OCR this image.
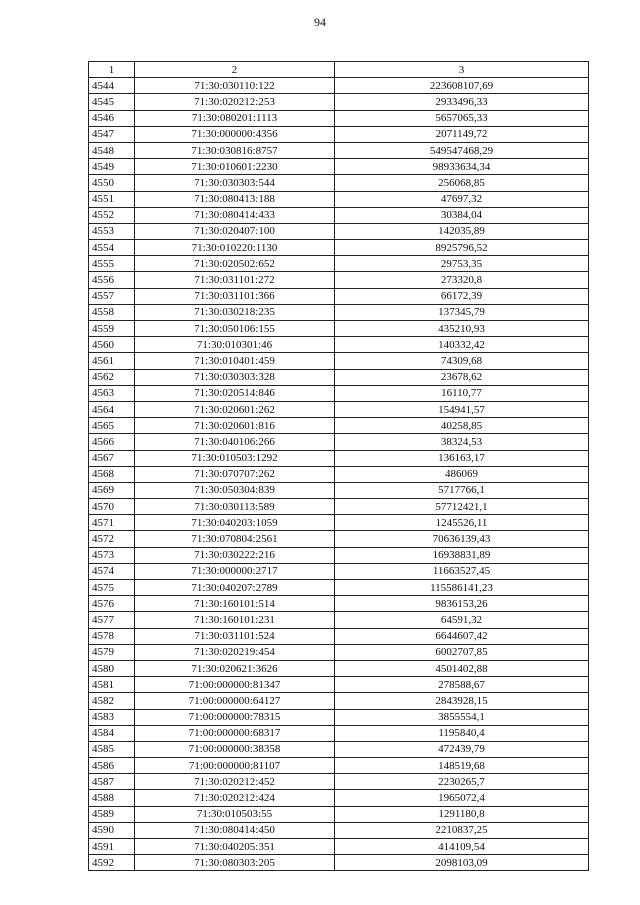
94
1	2	3
4544	71:30:030110:122	223608107,69
4545	71:30:020212:253	2933496,33
4546	71:30:080201:1113	5657065,33
4547	71:30:000000:4356	2071149,72
4548	71:30:030816:8757	549547468,29
4549	71:30:010601:2230	98933634,34
4550	71:30:030303:544	256068,85
4551	71:30:080413:188	47697,32
4552	71:30:080414:433	30384,04
4553	71:30:020407:100	142035,89
4554	71:30:010220:1130	8925796,52
4555	71:30:020502:652	29753,35
4556	71:30:031101:272	273320,8
4557	71:30:031101:366	66172,39
4558	71:30:030218:235	137345,79
4559	71:30:050106:155	435210,93
4560	71:30:010301:46	140332,42
4561	71:30:010401:459	74309,68
4562	71:30:030303:328	23678,62
4563	71:30:020514:846	16110,77
4564	71:30:020601:262	154941,57
4565	71:30:020601:816	40258,85
4566	71:30:040106:266	38324,53
4567	71:30:010503:1292	136163,17
4568	71:30:070707:262	486069
4569	71:30:050304:839	5717766,1
4570	71:30:030113:589	57712421,1
4571	71:30:040203:1059	1245526,11
4572	71:30:070804:2561	70636139,43
4573	71:30:030222:216	16938831,89
4574	71:30:000000:2717	11663527,45
4575	71:30:040207:2789	115586141,23
4576	71:30:160101:514	9836153,26
4577	71:30:160101:231	64591,32
4578	71:30:031101:524	6644607,42
4579	71:30:020219:454	6002707,85
4580	71:30:020621:3626	4501402,88
4581	71:00:000000:81347	278588,67
4582	71:00:000000:64127	2843928,15
4583	71:00:000000:78315	3855554,1
4584	71:00:000000:68317	1195840,4
4585	71:00:000000:38358	472439,79
4586	71:00:000000:81107	148519,68
4587	71:30:020212:452	2230265,7
4588	71:30:020212:424	1965072,4
4589	71:30:010503:55	1291180,8
4590	71:30:080414:450	2210837,25
4591	71:30:040205:351	414109,54
4592	71:30:080303:205	2098103,09
